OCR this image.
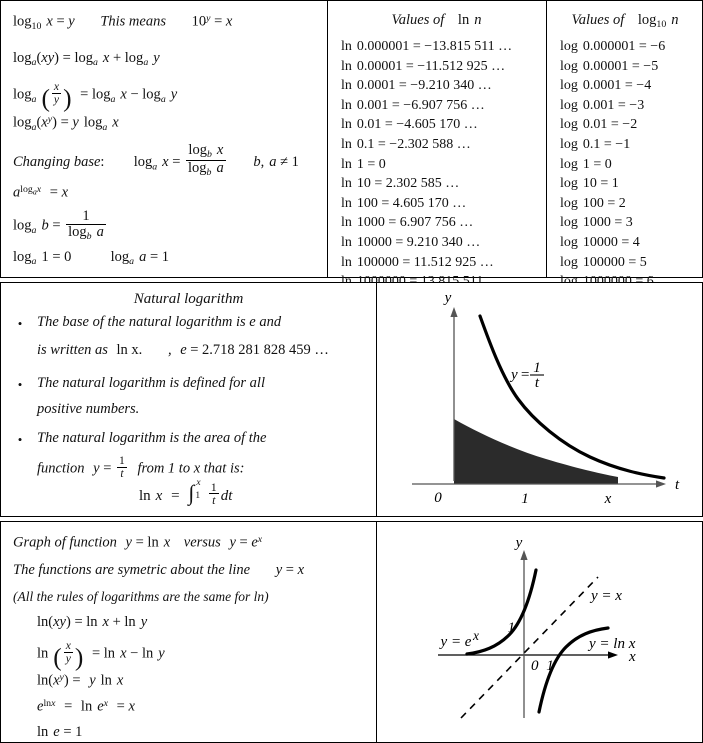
$\log_{10} x = y$ This means $10^y = x$
$\log_a(xy) = \log_a x + \log_a y$
$\log_a$ ( $\frac{x}{y}$ ) = $\log_a x - \log_a y$
$\log_a(x^y) = y$ $\log_a x$
Changing base: $\log_a x = \frac{\log_b x}{\log_b a} b$, a ≠ 1
$a^{log_ax} = x$
$\log_a b = \frac{1}{\log_b a}$
$\log_a 1 = 0$	$\log_a a = 1$
Values of ln n
ln 0.000001 = −13.815 511 …
ln 0.00001 = −11.512 925 …
ln 0.0001 = −9.210 340 …
ln 0.001 = −6.907 756 …
ln 0.01 = −4.605 170 …
ln 0.1 = −2.302 588 …
ln 1 = 0
ln 10 = 2.302 585 …
ln 100 = 4.605 170 …
ln 1000 = 6.907 756 …
ln 10000 = 9.210 340 …
ln 100000 = 11.512 925 …
Values of $\log_{10} n$
log 0.000001 = −6
log 0.00001 = −5
log 0.0001 = −4
log 0.001 = −3
log 0.01 = −2
log 0.1 = −1
log 1 = 0
log 10 = 1
log 100 = 2
log 1000 = 3
log 10000 = 4
log 100000 = 5
Natural logarithm
• The base of the natural logarithm is e and
is written as ln x. , e = 2.718 281 828 459 …
• The natural logarithm is defined for all
positive numbers.
• The natural logarithm is the area of the
function $y = \frac{1}{t}$ from 1 to x that is:
ln x = ∫ 1
x
$\frac{1}{t}$ dt
y
t
0	1	x
y = 1
t
Graph of function y = ln x versus $y = e^x$
The functions are symetric about the line y = x
(All the rules of logarithms are the same for ln)
ln(xy) = ln x + ln y
ln ( $\frac{x}{y}$ ) = ln x − ln y
$\ln(x^y) = y$ ln x
$e^{lnx} = \ln e^x = x$
ln e = 1
y
x
0 1
1
y = e x
y = x
y = ln x
